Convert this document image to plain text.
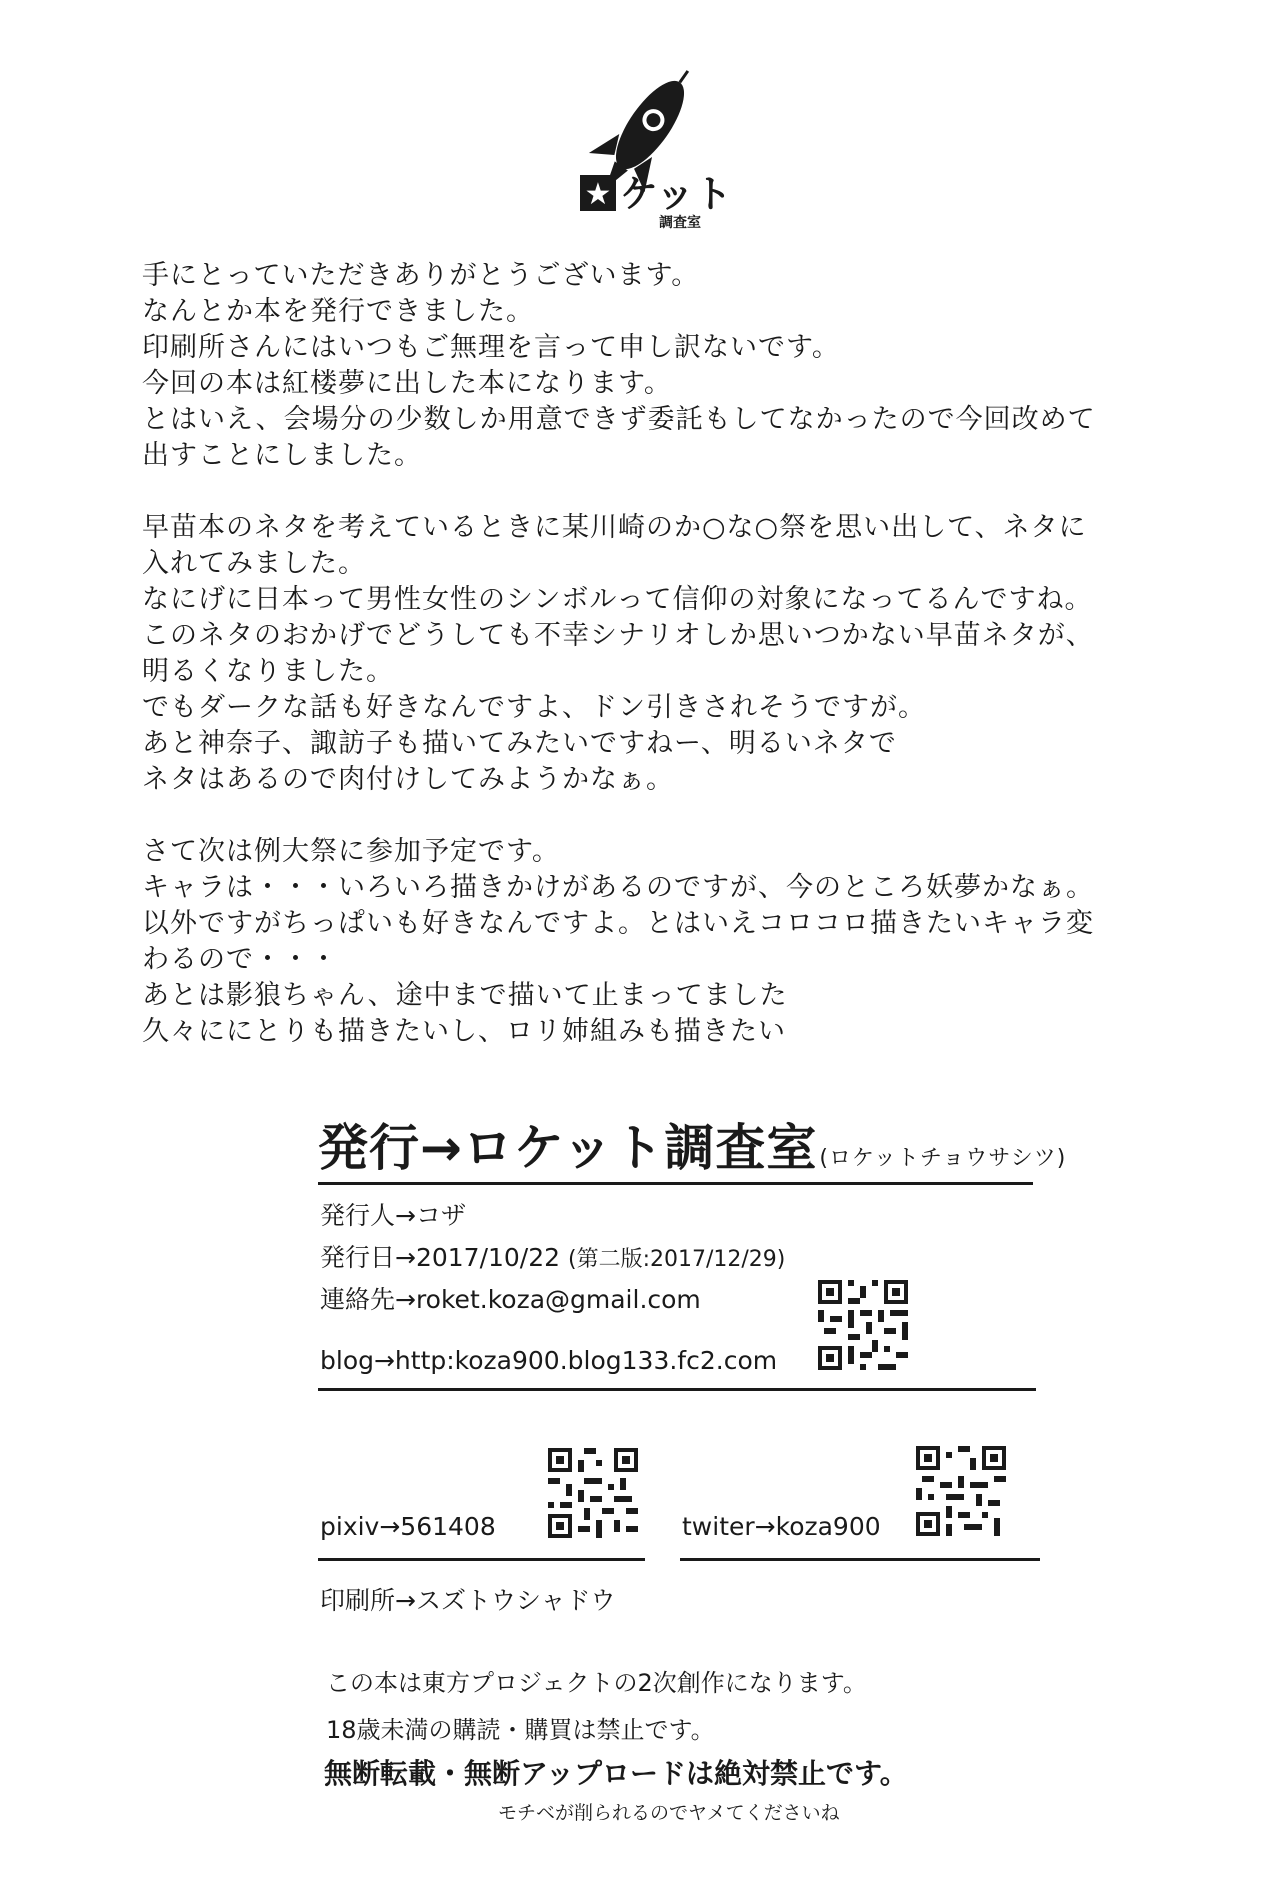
★ ケット
調査室

手にとっていただきありがとうございます。

なんとか本を発行できました。

印刷所さんにはいつもご無理を言って申し訳ないです。

今回の本は紅楼夢に出した本になります。

とはいえ、会場分の少数しか用意できず委託もしてなかったので今回改めて

出すことにしました。

早苗本のネタを考えているときに某川崎のか○な○祭を思い出して、ネタに

入れてみました。

なにげに日本って男性女性のシンボルって信仰の対象になってるんですね。

このネタのおかげでどうしても不幸シナリオしか思いつかない早苗ネタが、

明るくなりました。

でもダークな話も好きなんですよ、ドン引きされそうですが。

あと神奈子、諏訪子も描いてみたいですねー、明るいネタで

ネタはあるので肉付けしてみようかなぁ。

さて次は例大祭に参加予定です。

キャラは・・・いろいろ描きかけがあるのですが、今のところ妖夢かなぁ。

以外ですがちっぱいも好きなんですよ。とはいえコロコロ描きたいキャラ変

わるので・・・

あとは影狼ちゃん、途中まで描いて止まってました

久々ににとりも描きたいし、ロリ姉組みも描きたい

発行→ロケット調査室(ロケットチョウサシツ)
発行人→コザ
発行日→2017/10/22 (第二版:2017/12/29)
連絡先→roket.koza@gmail.com
blog→http:koza900.blog133.fc2.com
pixiv→561408	twiter→koza900
印刷所→スズトウシャドウ
この本は東方プロジェクトの2次創作になります。
18歳未満の購読・購買は禁止です。
無断転載・無断アップロードは絶対禁止です。
モチベが削られるのでヤメてくださいね
